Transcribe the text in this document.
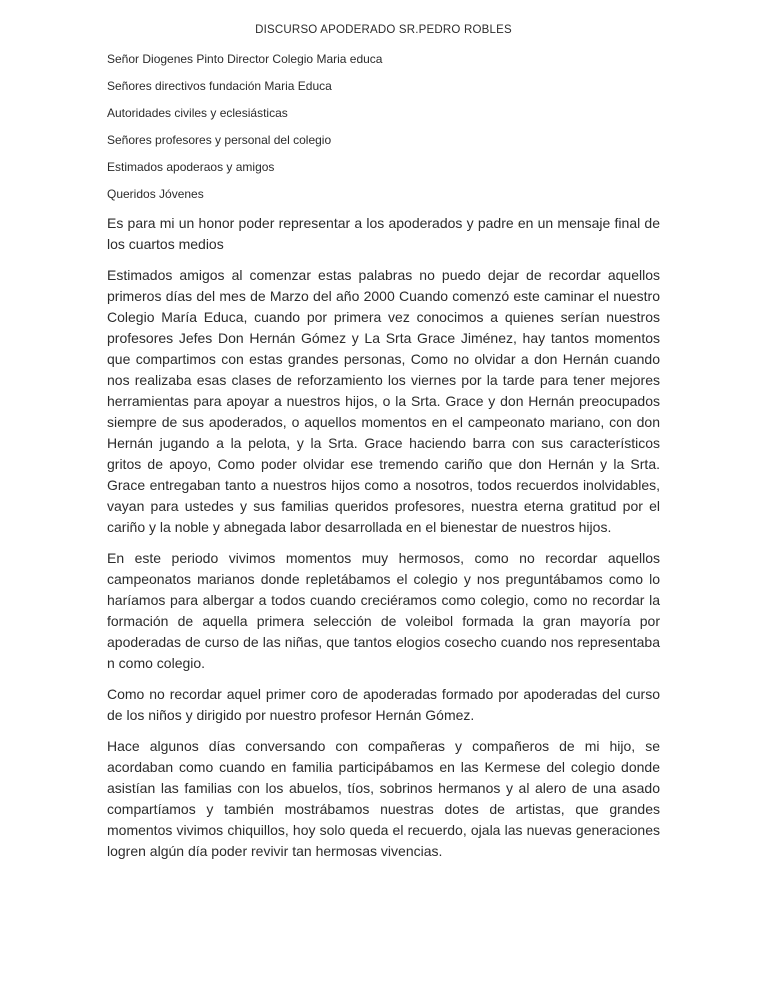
DISCURSO APODERADO SR.PEDRO ROBLES

Señor Diogenes Pinto Director Colegio Maria educa

Señores directivos fundación Maria Educa

Autoridades civiles y eclesiásticas

Señores profesores y personal del colegio

Estimados apoderaos y amigos

Queridos Jóvenes

Es para mi un honor poder representar a los apoderados y padre en un mensaje final de los cuartos medios

Estimados amigos al comenzar estas palabras no puedo dejar de recordar aquellos primeros días del mes de Marzo del año 2000 Cuando comenzó este caminar el nuestro Colegio María Educa, cuando por primera vez conocimos a quienes serían nuestros profesores Jefes Don Hernán Gómez y La Srta Grace Jiménez, hay tantos momentos que compartimos con estas grandes personas, Como no olvidar a don Hernán cuando nos realizaba esas clases de reforzamiento los viernes por la tarde para tener mejores herramientas para apoyar a nuestros hijos, o la Srta. Grace y don Hernán preocupados siempre de sus apoderados, o aquellos momentos en el campeonato mariano, con don Hernán jugando a la pelota, y la Srta. Grace haciendo barra con sus característicos gritos de apoyo, Como poder olvidar ese tremendo cariño que don Hernán y la Srta. Grace entregaban tanto a nuestros hijos como a nosotros, todos recuerdos inolvidables, vayan para ustedes y sus familias queridos profesores, nuestra eterna gratitud por el cariño y la noble y abnegada labor desarrollada en el bienestar de nuestros hijos.

En este periodo vivimos momentos muy hermosos, como no recordar aquellos campeonatos marianos donde repletábamos el colegio y nos preguntábamos como lo haríamos para albergar a todos cuando creciéramos como colegio, como no recordar la formación de aquella primera selección de voleibol formada la gran mayoría por apoderadas de curso de las niñas, que tantos elogios cosecho cuando nos representaba n como colegio.

Como no recordar aquel primer coro de apoderadas formado por apoderadas del curso de los niños y dirigido por nuestro profesor Hernán Gómez.

Hace algunos días conversando con compañeras y compañeros de mi hijo, se acordaban como cuando en familia participábamos en las Kermese del colegio donde asistían las familias con los abuelos, tíos, sobrinos hermanos y al alero de una asado compartíamos y también mostrábamos nuestras dotes de artistas, que grandes momentos vivimos chiquillos, hoy solo queda el recuerdo, ojala las nuevas generaciones logren algún día poder revivir tan hermosas vivencias.
